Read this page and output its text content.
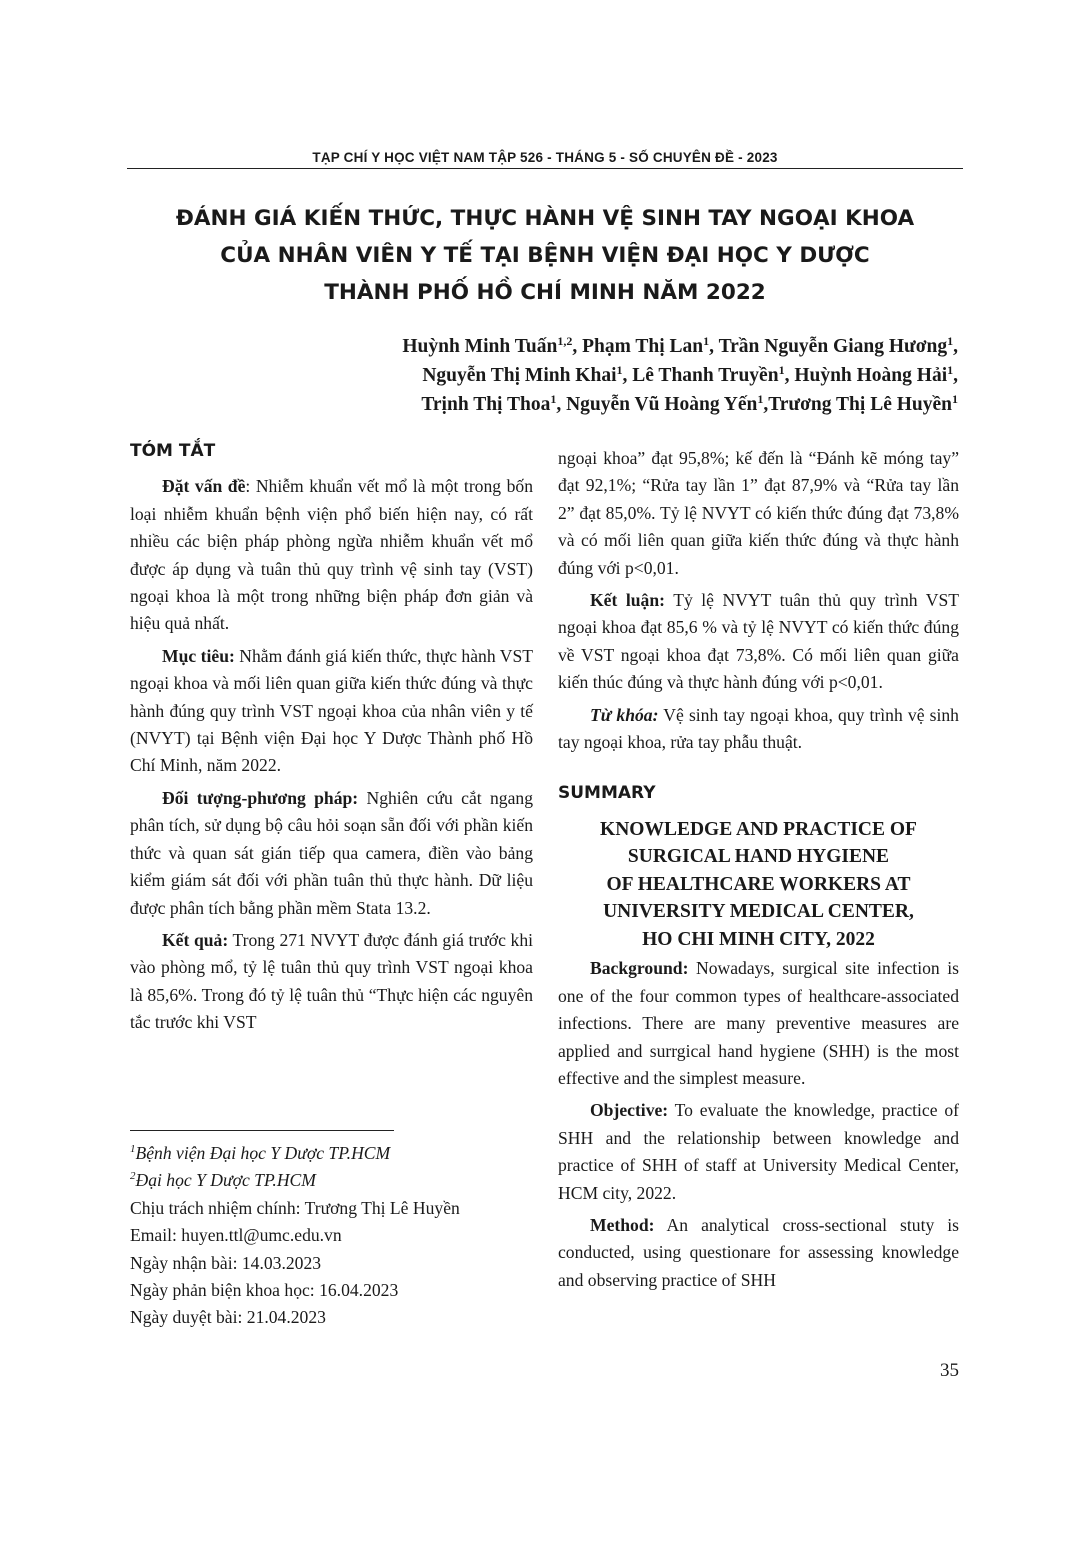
TẠP CHÍ Y HỌC VIỆT NAM TẬP 526 - THÁNG 5 - SỐ CHUYÊN ĐỀ - 2023
ĐÁNH GIÁ KIẾN THỨC, THỰC HÀNH VỆ SINH TAY NGOẠI KHOA
CỦA NHÂN VIÊN Y TẾ TẠI BỆNH VIỆN ĐẠI HỌC Y DƯỢC
THÀNH PHỐ HỒ CHÍ MINH NĂM 2022
Huỳnh Minh Tuấn$^{1,2}$, Phạm Thị Lan$^1$, Trần Nguyễn Giang Hương$^1$,
Nguyễn Thị Minh Khai$^1$, Lê Thanh Truyền$^1$, Huỳnh Hoàng Hải$^1$,
Trịnh Thị Thoa$^1$, Nguyễn Vũ Hoàng Yến$^1$,Trương Thị Lê Huyền$^1$
TÓM TẮT

Đặt vấn đề: Nhiễm khuẩn vết mổ là một trong bốn loại nhiễm khuẩn bệnh viện phổ biến hiện nay, có rất nhiều các biện pháp phòng ngừa nhiễm khuẩn vết mổ được áp dụng và tuân thủ quy trình vệ sinh tay (VST) ngoại khoa là một trong những biện pháp đơn giản và hiệu quả nhất.

Mục tiêu: Nhằm đánh giá kiến thức, thực hành VST ngoại khoa và mối liên quan giữa kiến thức đúng và thực hành đúng quy trình VST ngoại khoa của nhân viên y tế (NVYT) tại Bệnh viện Đại học Y Dược Thành phố Hồ Chí Minh, năm 2022.

Đối tượng-phương pháp: Nghiên cứu cắt ngang phân tích, sử dụng bộ câu hỏi soạn sẵn đối với phần kiến thức và quan sát gián tiếp qua camera, điền vào bảng kiểm giám sát đối với phần tuân thủ thực hành. Dữ liệu được phân tích bằng phần mềm Stata 13.2.

Kết quả: Trong 271 NVYT được đánh giá trước khi vào phòng mổ, tỷ lệ tuân thủ quy trình VST ngoại khoa là 85,6%. Trong đó tỷ lệ tuân thủ “Thực hiện các nguyên tắc trước khi VST

$^1$Bệnh viện Đại học Y Dược TP.HCM
$^2$Đại học Y Dược TP.HCM
Chịu trách nhiệm chính: Trương Thị Lê Huyền
Email: huyen.ttl@umc.edu.vn
Ngày nhận bài: 14.03.2023
Ngày phản biện khoa học: 16.04.2023
Ngày duyệt bài: 21.04.2023

ngoại khoa” đạt 95,8%; kế đến là “Đánh kẽ móng tay” đạt 92,1%; “Rửa tay lần 1” đạt 87,9% và “Rửa tay lần 2” đạt 85,0%. Tỷ lệ NVYT có kiến thức đúng đạt 73,8% và có mối liên quan giữa kiến thức đúng và thực hành đúng với p<0,01.

Kết luận: Tỷ lệ NVYT tuân thủ quy trình VST ngoại khoa đạt 85,6 % và tỷ lệ NVYT có kiến thức đúng về VST ngoại khoa đạt 73,8%. Có mối liên quan giữa kiến thúc đúng và thực hành đúng với p<0,01.

Từ khóa: Vệ sinh tay ngoại khoa, quy trình vệ sinh tay ngoại khoa, rửa tay phẫu thuật.

SUMMARY
KNOWLEDGE AND PRACTICE OF
SURGICAL HAND HYGIENE
OF HEALTHCARE WORKERS AT
UNIVERSITY MEDICAL CENTER,
HO CHI MINH CITY, 2022

Background: Nowadays, surgical site infection is one of the four common types of healthcare-associated infections. There are many preventive measures are applied and surrgical hand hygiene (SHH) is the most effective and the simplest measure.

Objective: To evaluate the knowledge, practice of SHH and the relationship between knowledge and practice of SHH of staff at University Medical Center, HCM city, 2022.

Method: An analytical cross-sectional stuty is conducted, using questionare for assessing knowledge and observing practice of SHH

35
